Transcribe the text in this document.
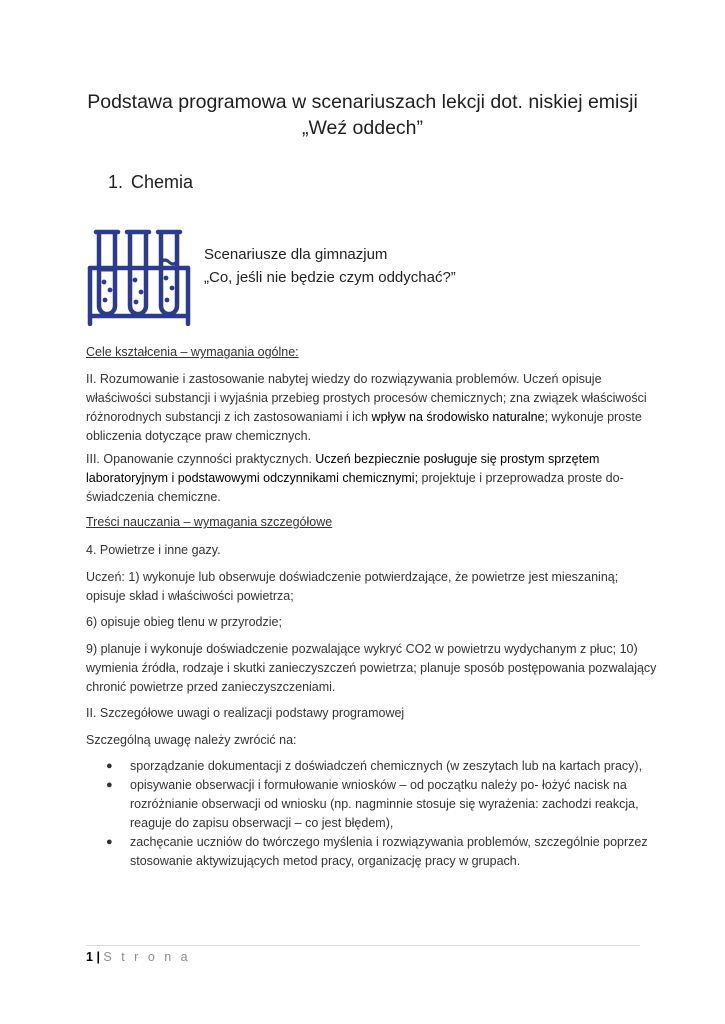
Podstawa programowa w scenariuszach lekcji dot. niskiej emisji
„Weź oddech”
1. Chemia
Scenariusze dla gimnazjum
„Co, jeśli nie będzie czym oddychać?”
Cele kształcenia – wymagania ogólne:
II. Rozumowanie i zastosowanie nabytej wiedzy do rozwiązywania problemów. Uczeń opisuje
właściwości substancji i wyjaśnia przebieg prostych procesów chemicznych; zna związek właściwości
różnorodnych substancji z ich zastosowaniami i ich wpływ na środowisko naturalne; wykonuje proste
obliczenia dotyczące praw chemicznych.
III. Opanowanie czynności praktycznych. Uczeń bezpiecznie posługuje się prostym sprzętem
laboratoryjnym i podstawowymi odczynnikami chemicznymi; projektuje i przeprowadza proste do-
świadczenia chemiczne.
Treści nauczania – wymagania szczegółowe
4. Powietrze i inne gazy.
Uczeń: 1) wykonuje lub obserwuje doświadczenie potwierdzające, że powietrze jest mieszaniną;
opisuje skład i właściwości powietrza;
6) opisuje obieg tlenu w przyrodzie;
9) planuje i wykonuje doświadczenie pozwalające wykryć CO2 w powietrzu wydychanym z płuc; 10)
wymienia źródła, rodzaje i skutki zanieczyszczeń powietrza; planuje sposób postępowania pozwalający
chronić powietrze przed zanieczyszczeniami.
II. Szczegółowe uwagi o realizacji podstawy programowej
Szczególną uwagę należy zwrócić na:
● sporządzanie dokumentacji z doświadczeń chemicznych (w zeszytach lub na kartach pracy),
● opisywanie obserwacji i formułowanie wniosków – od początku należy po- łożyć nacisk na
rozróżnianie obserwacji od wniosku (np. nagminnie stosuje się wyrażenia: zachodzi reakcja,
reaguje do zapisu obserwacji – co jest błędem),
● zachęcanie uczniów do twórczego myślenia i rozwiązywania problemów, szczególnie poprzez
stosowanie aktywizujących metod pracy, organizację pracy w grupach.
1 | S t r o n a
